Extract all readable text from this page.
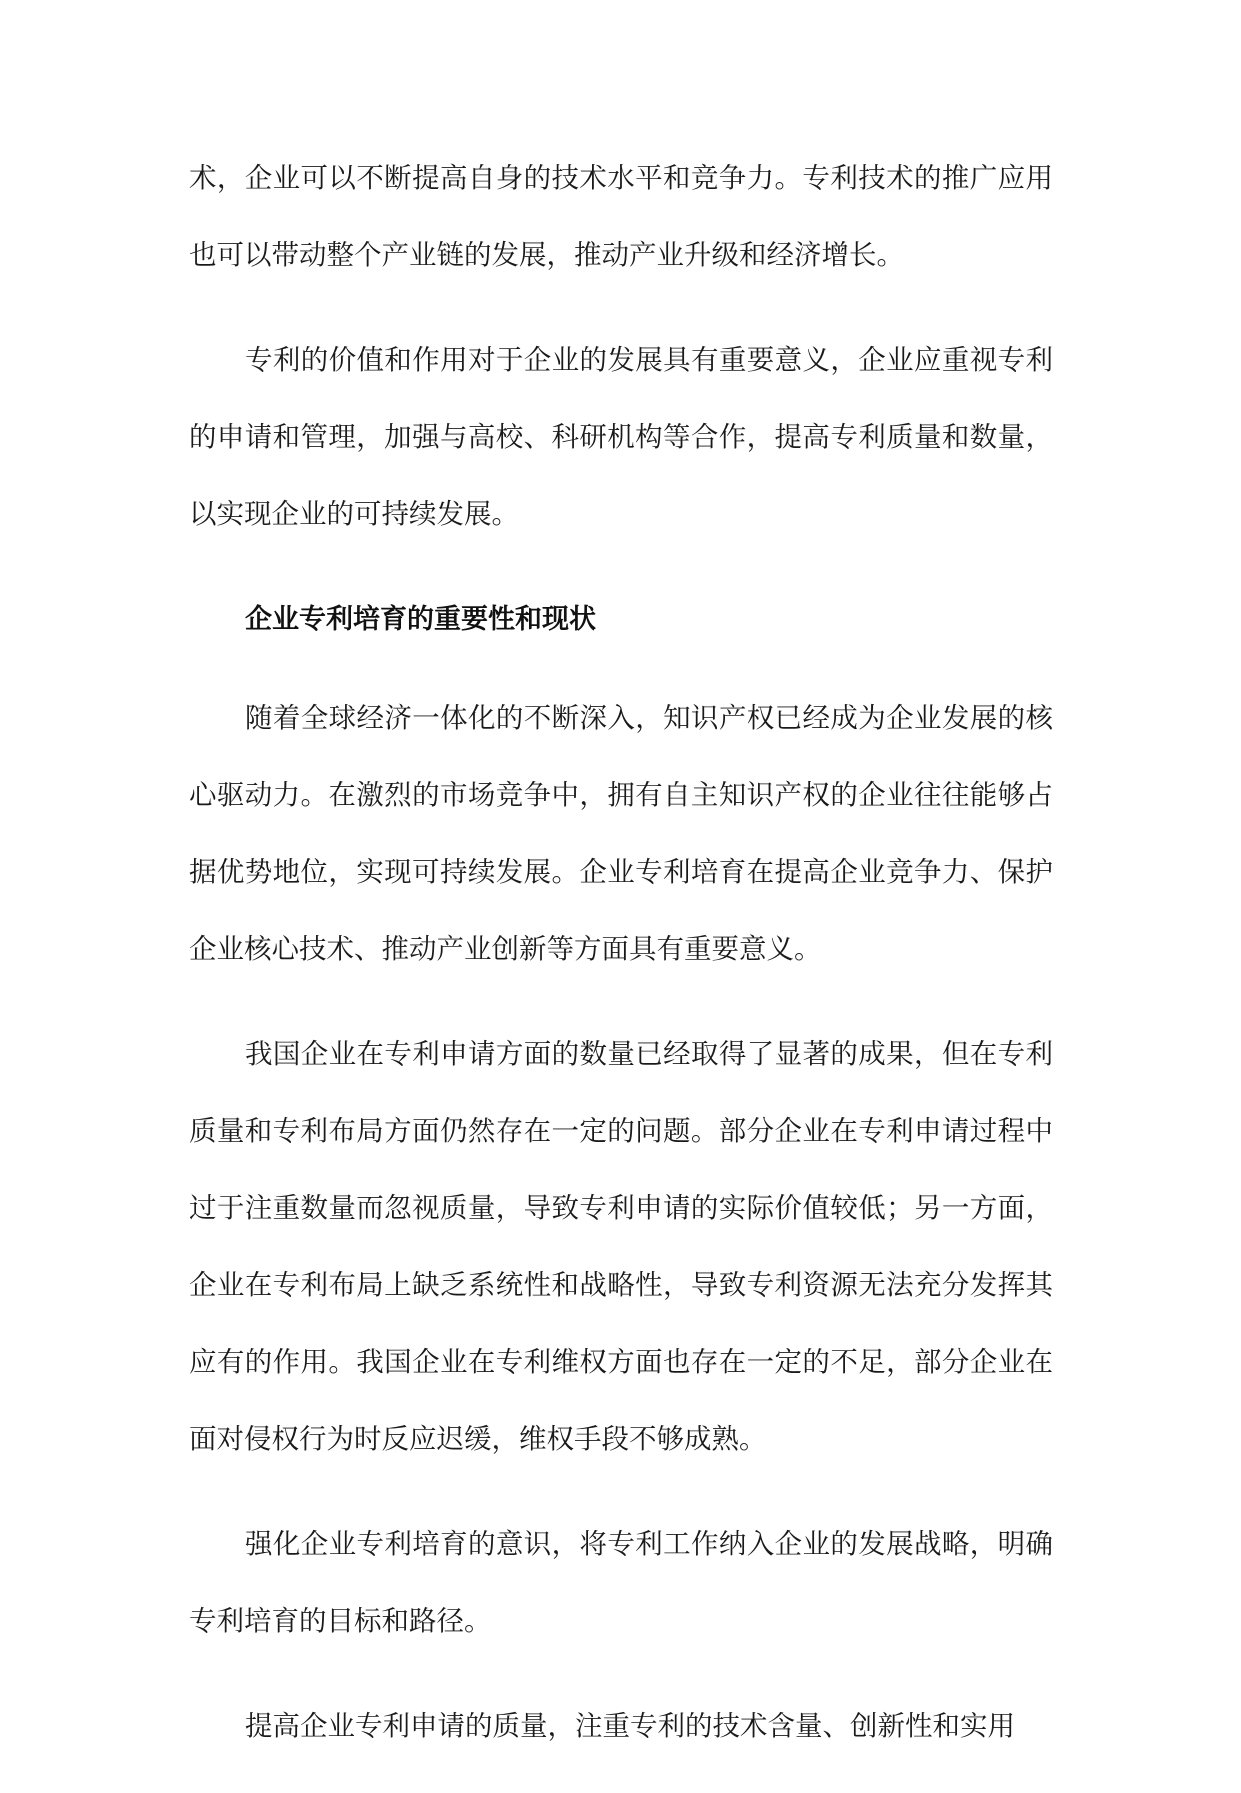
术，企业可以不断提高自身的技术水平和竞争力。专利技术的推广应用也可以带动整个产业链的发展，推动产业升级和经济增长。

专利的价值和作用对于企业的发展具有重要意义，企业应重视专利的申请和管理，加强与高校、科研机构等合作，提高专利质量和数量，以实现企业的可持续发展。

企业专利培育的重要性和现状

随着全球经济一体化的不断深入，知识产权已经成为企业发展的核心驱动力。在激烈的市场竞争中，拥有自主知识产权的企业往往能够占据优势地位，实现可持续发展。企业专利培育在提高企业竞争力、保护企业核心技术、推动产业创新等方面具有重要意义。

我国企业在专利申请方面的数量已经取得了显著的成果，但在专利质量和专利布局方面仍然存在一定的问题。部分企业在专利申请过程中过于注重数量而忽视质量，导致专利申请的实际价值较低；另一方面，企业在专利布局上缺乏系统性和战略性，导致专利资源无法充分发挥其应有的作用。我国企业在专利维权方面也存在一定的不足，部分企业在面对侵权行为时反应迟缓，维权手段不够成熟。

强化企业专利培育的意识，将专利工作纳入企业的发展战略，明确专利培育的目标和路径。

提高企业专利申请的质量，注重专利的技术含量、创新性和实用
